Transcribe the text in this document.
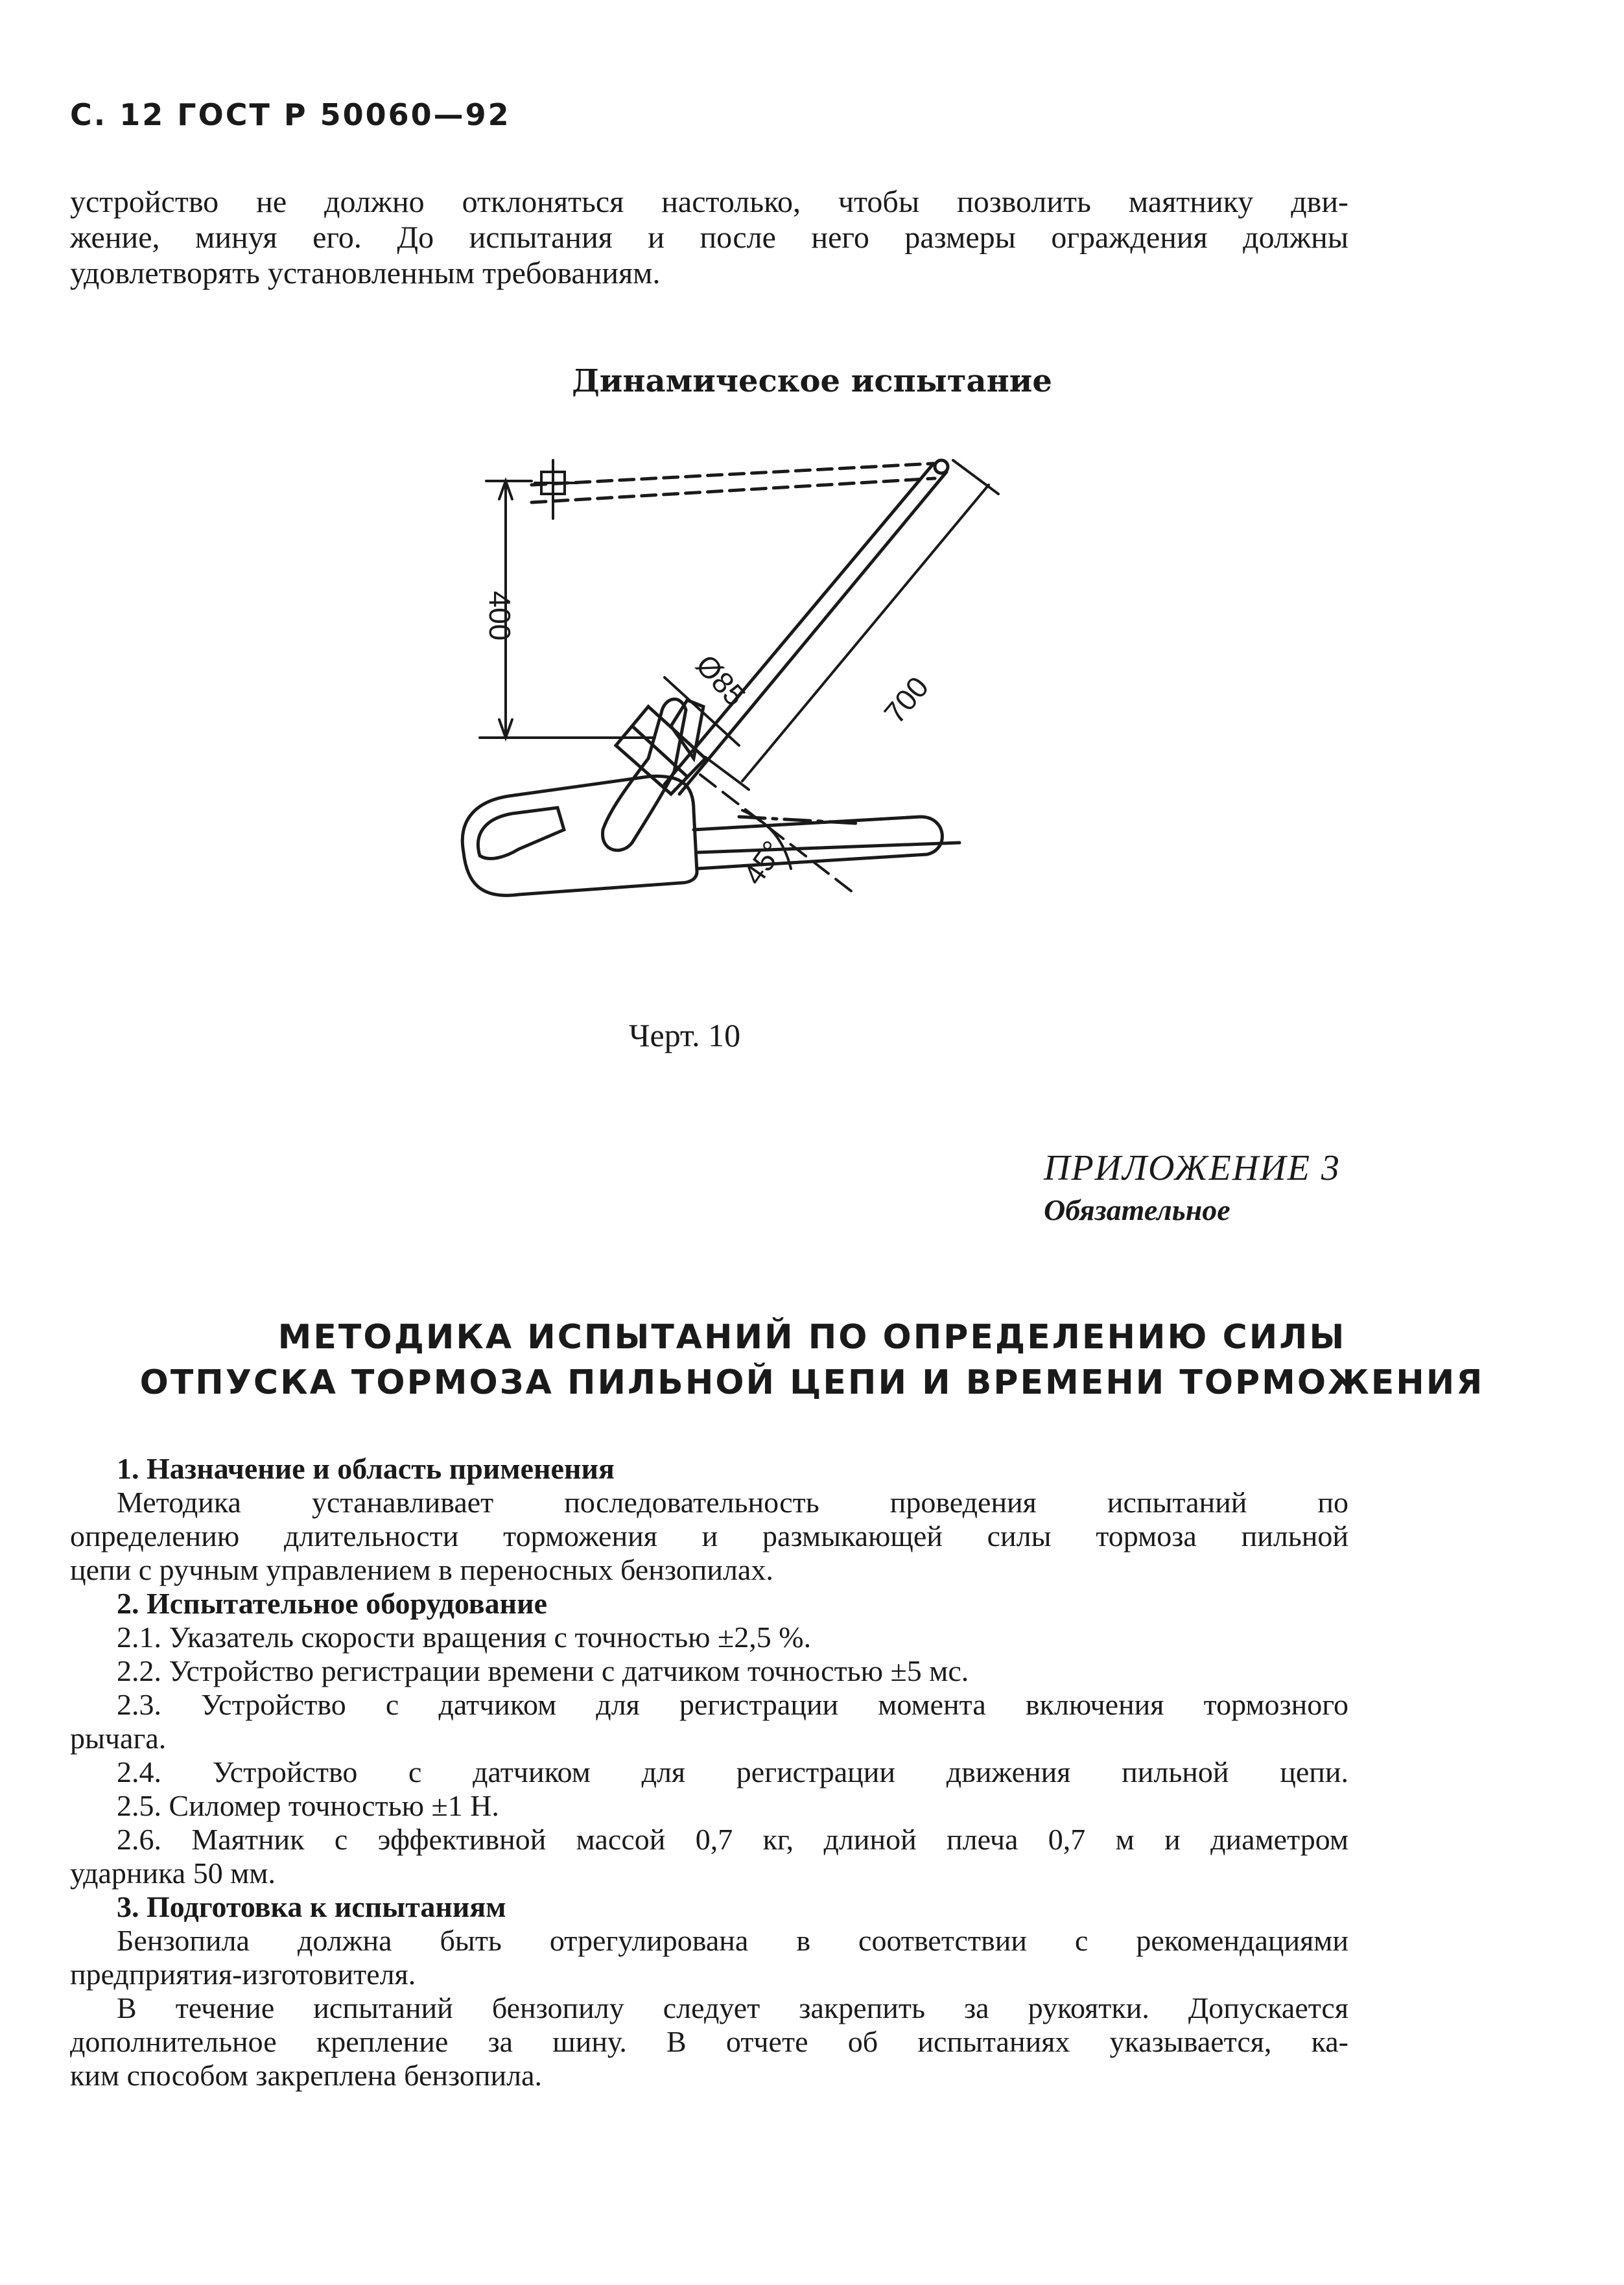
С. 12 ГОСТ Р 50060—92
устройство не должно отклоняться настолько, чтобы позволить маятнику дви-
жение, минуя его. До испытания и после него размеры ограждения должны
удовлетворять установленным требованиям.
Динамическое испытание
400
Ø85	700
45°
Черт. 10
ПРИЛОЖЕНИЕ 3
Обязательное
МЕТОДИКА ИСПЫТАНИЙ ПО ОПРЕДЕЛЕНИЮ СИЛЫ
ОТПУСКА ТОРМОЗА ПИЛЬНОЙ ЦЕПИ И ВРЕМЕНИ ТОРМОЖЕНИЯ
1. Назначение и область применения
Методика устанавливает последовательность проведения испытаний по
определению длительности торможения и размыкающей силы тормоза пильной
цепи с ручным управлением в переносных бензопилах.
2. Испытательное оборудование
2.1. Указатель скорости вращения с точностью ±2,5 %.
2.2. Устройство регистрации времени с датчиком точностью ±5 мс.
2.3. Устройство с датчиком для регистрации момента включения тормозного
рычага.
2.4. Устройство с датчиком для регистрации движения пильной цепи.
2.5. Силомер точностью ±1 Н.
2.6. Маятник с эффективной массой 0,7 кг, длиной плеча 0,7 м и диаметром
ударника 50 мм.
3. Подготовка к испытаниям
Бензопила должна быть отрегулирована в соответствии с рекомендациями
предприятия-изготовителя.
В течение испытаний бензопилу следует закрепить за рукоятки. Допускается
дополнительное крепление за шину. В отчете об испытаниях указывается, ка-
ким способом закреплена бензопила.
